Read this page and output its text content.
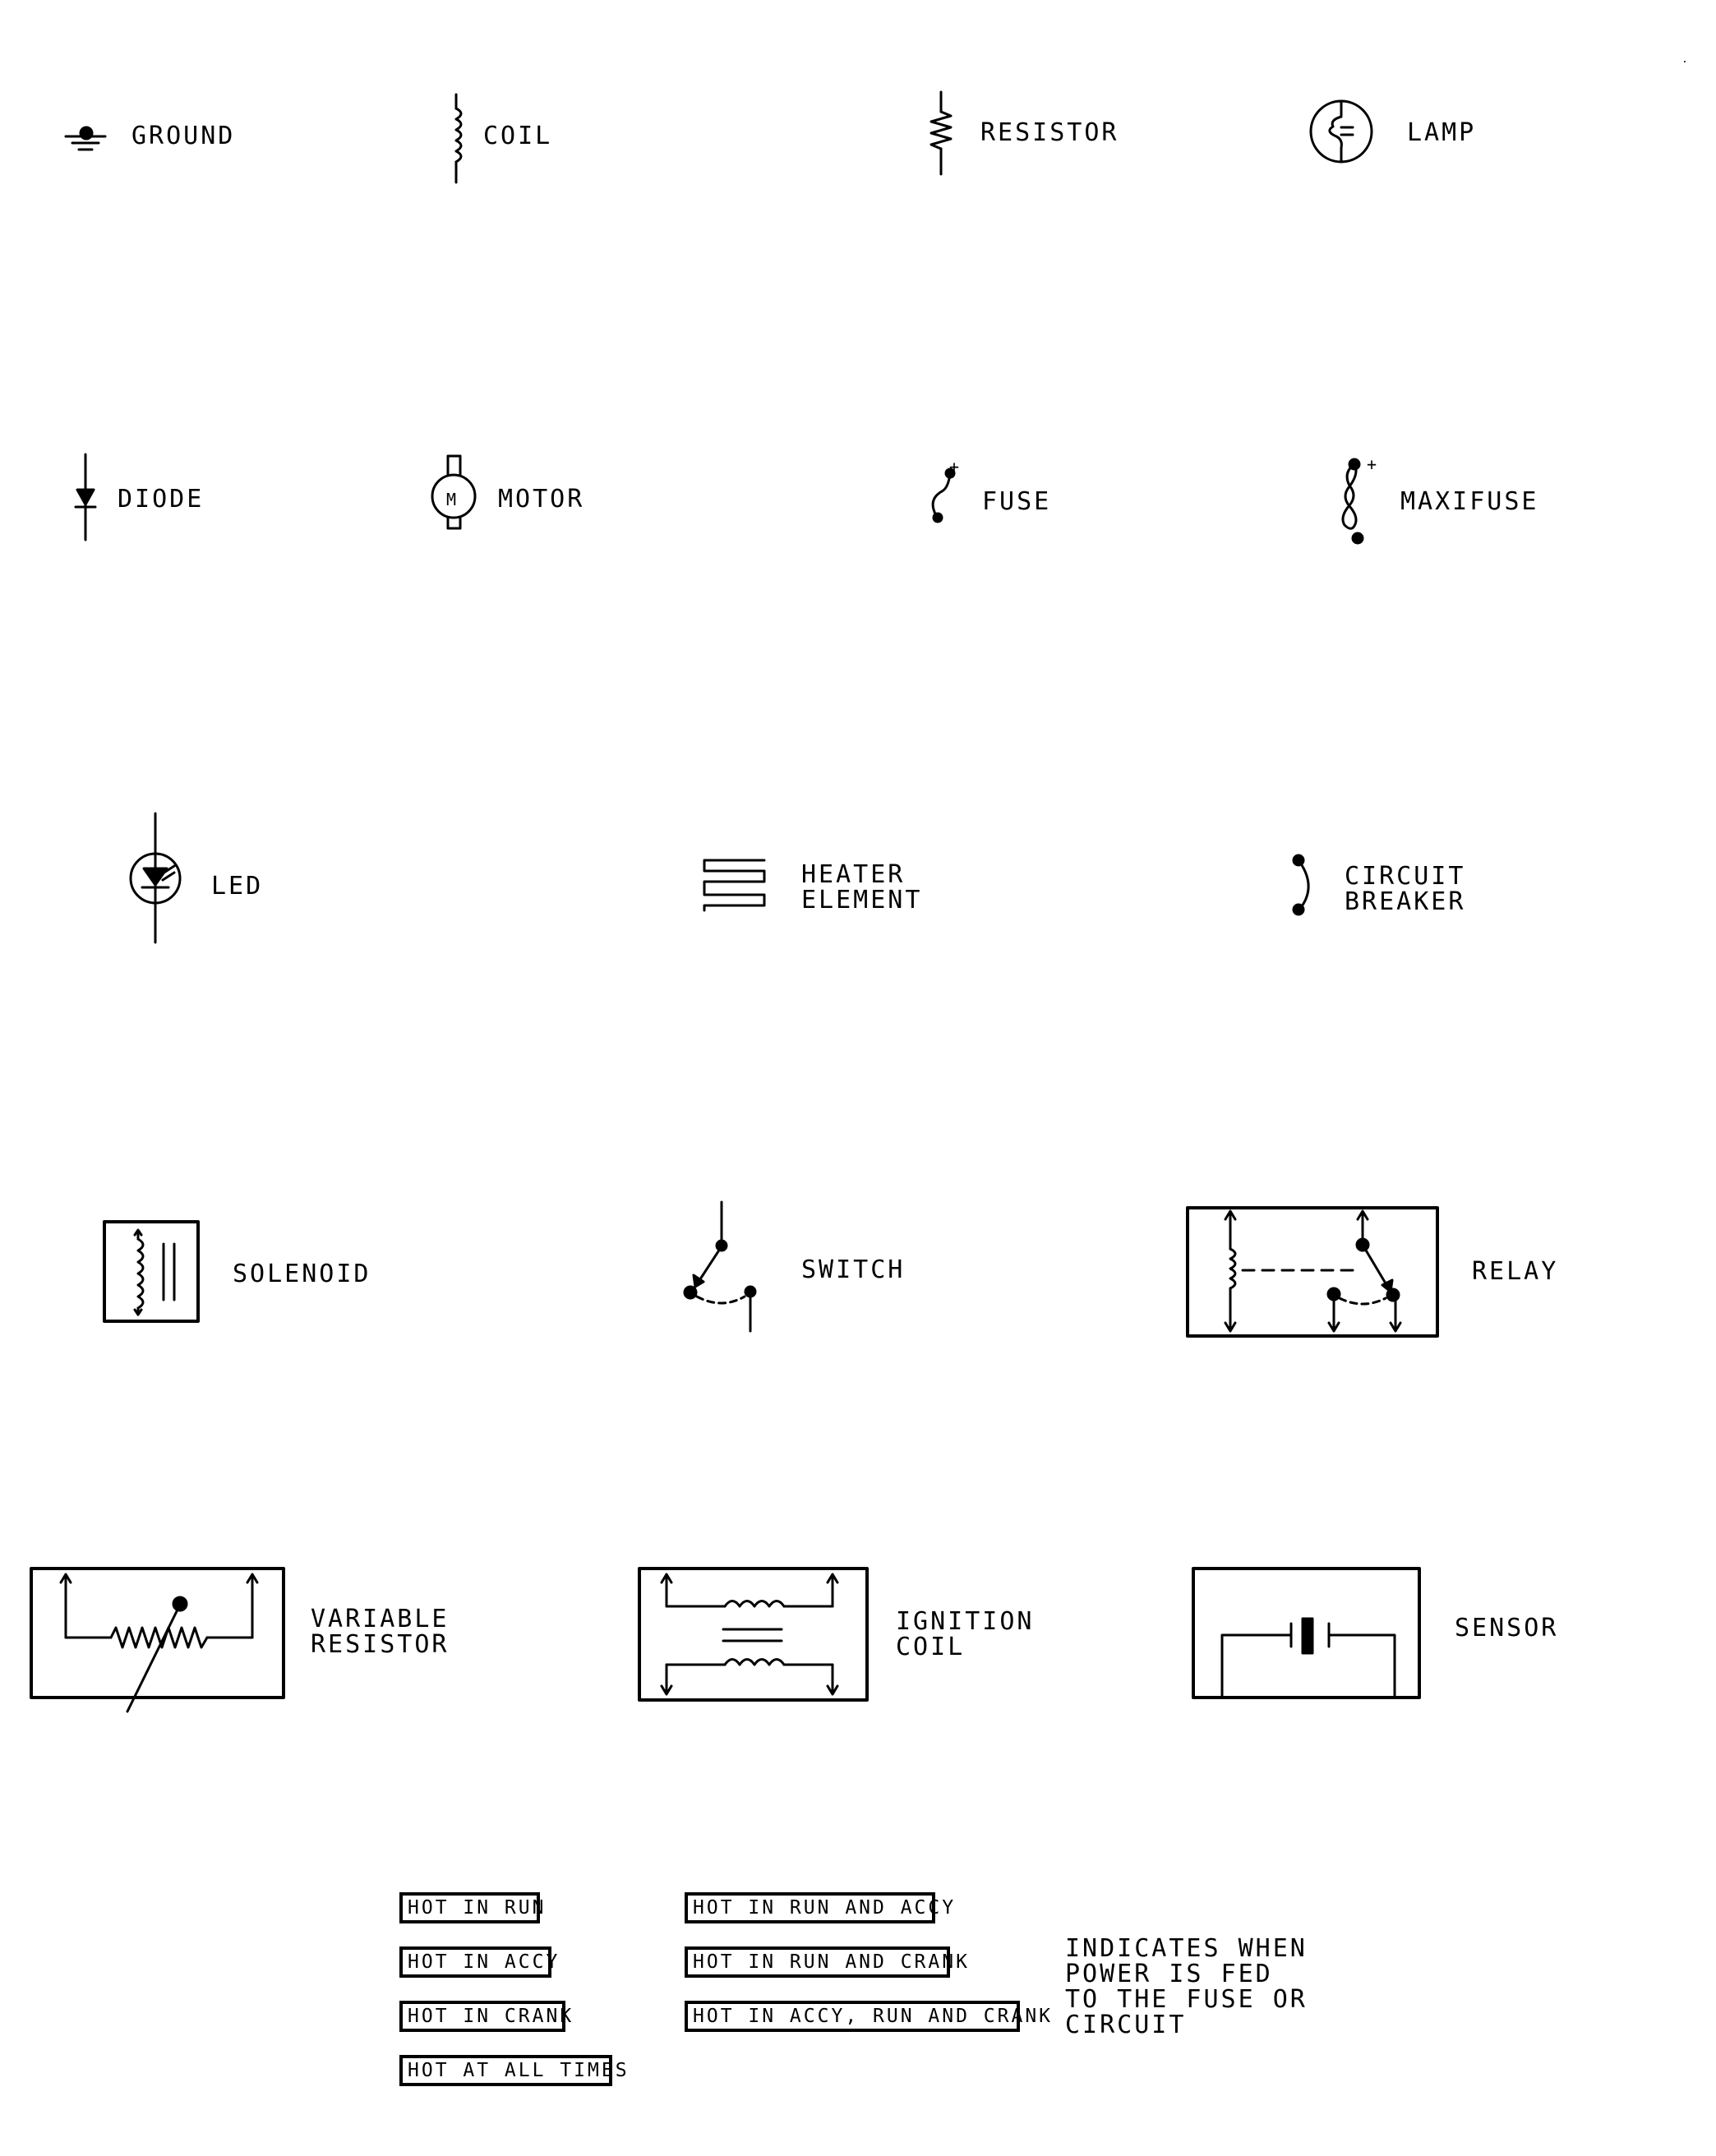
GROUND	COIL	RESISTOR	LAMP
DIODE	M MOTOR
+
FUSE
+
MAXIFUSE
LED	HEATER
ELEMENT
CIRCUIT
BREAKER
SOLENOID	SWITCH	RELAY
VARIABLE
RESISTOR
IGNITION
COIL
SENSOR
HOT IN RUN
HOT IN ACCY
HOT IN CRANK
HOT AT ALL TIMES
HOT IN RUN AND ACCY
HOT IN RUN AND CRANK
HOT IN ACCY, RUN AND CRANK
INDICATES WHEN
POWER IS FED
TO THE FUSE OR
CIRCUIT
